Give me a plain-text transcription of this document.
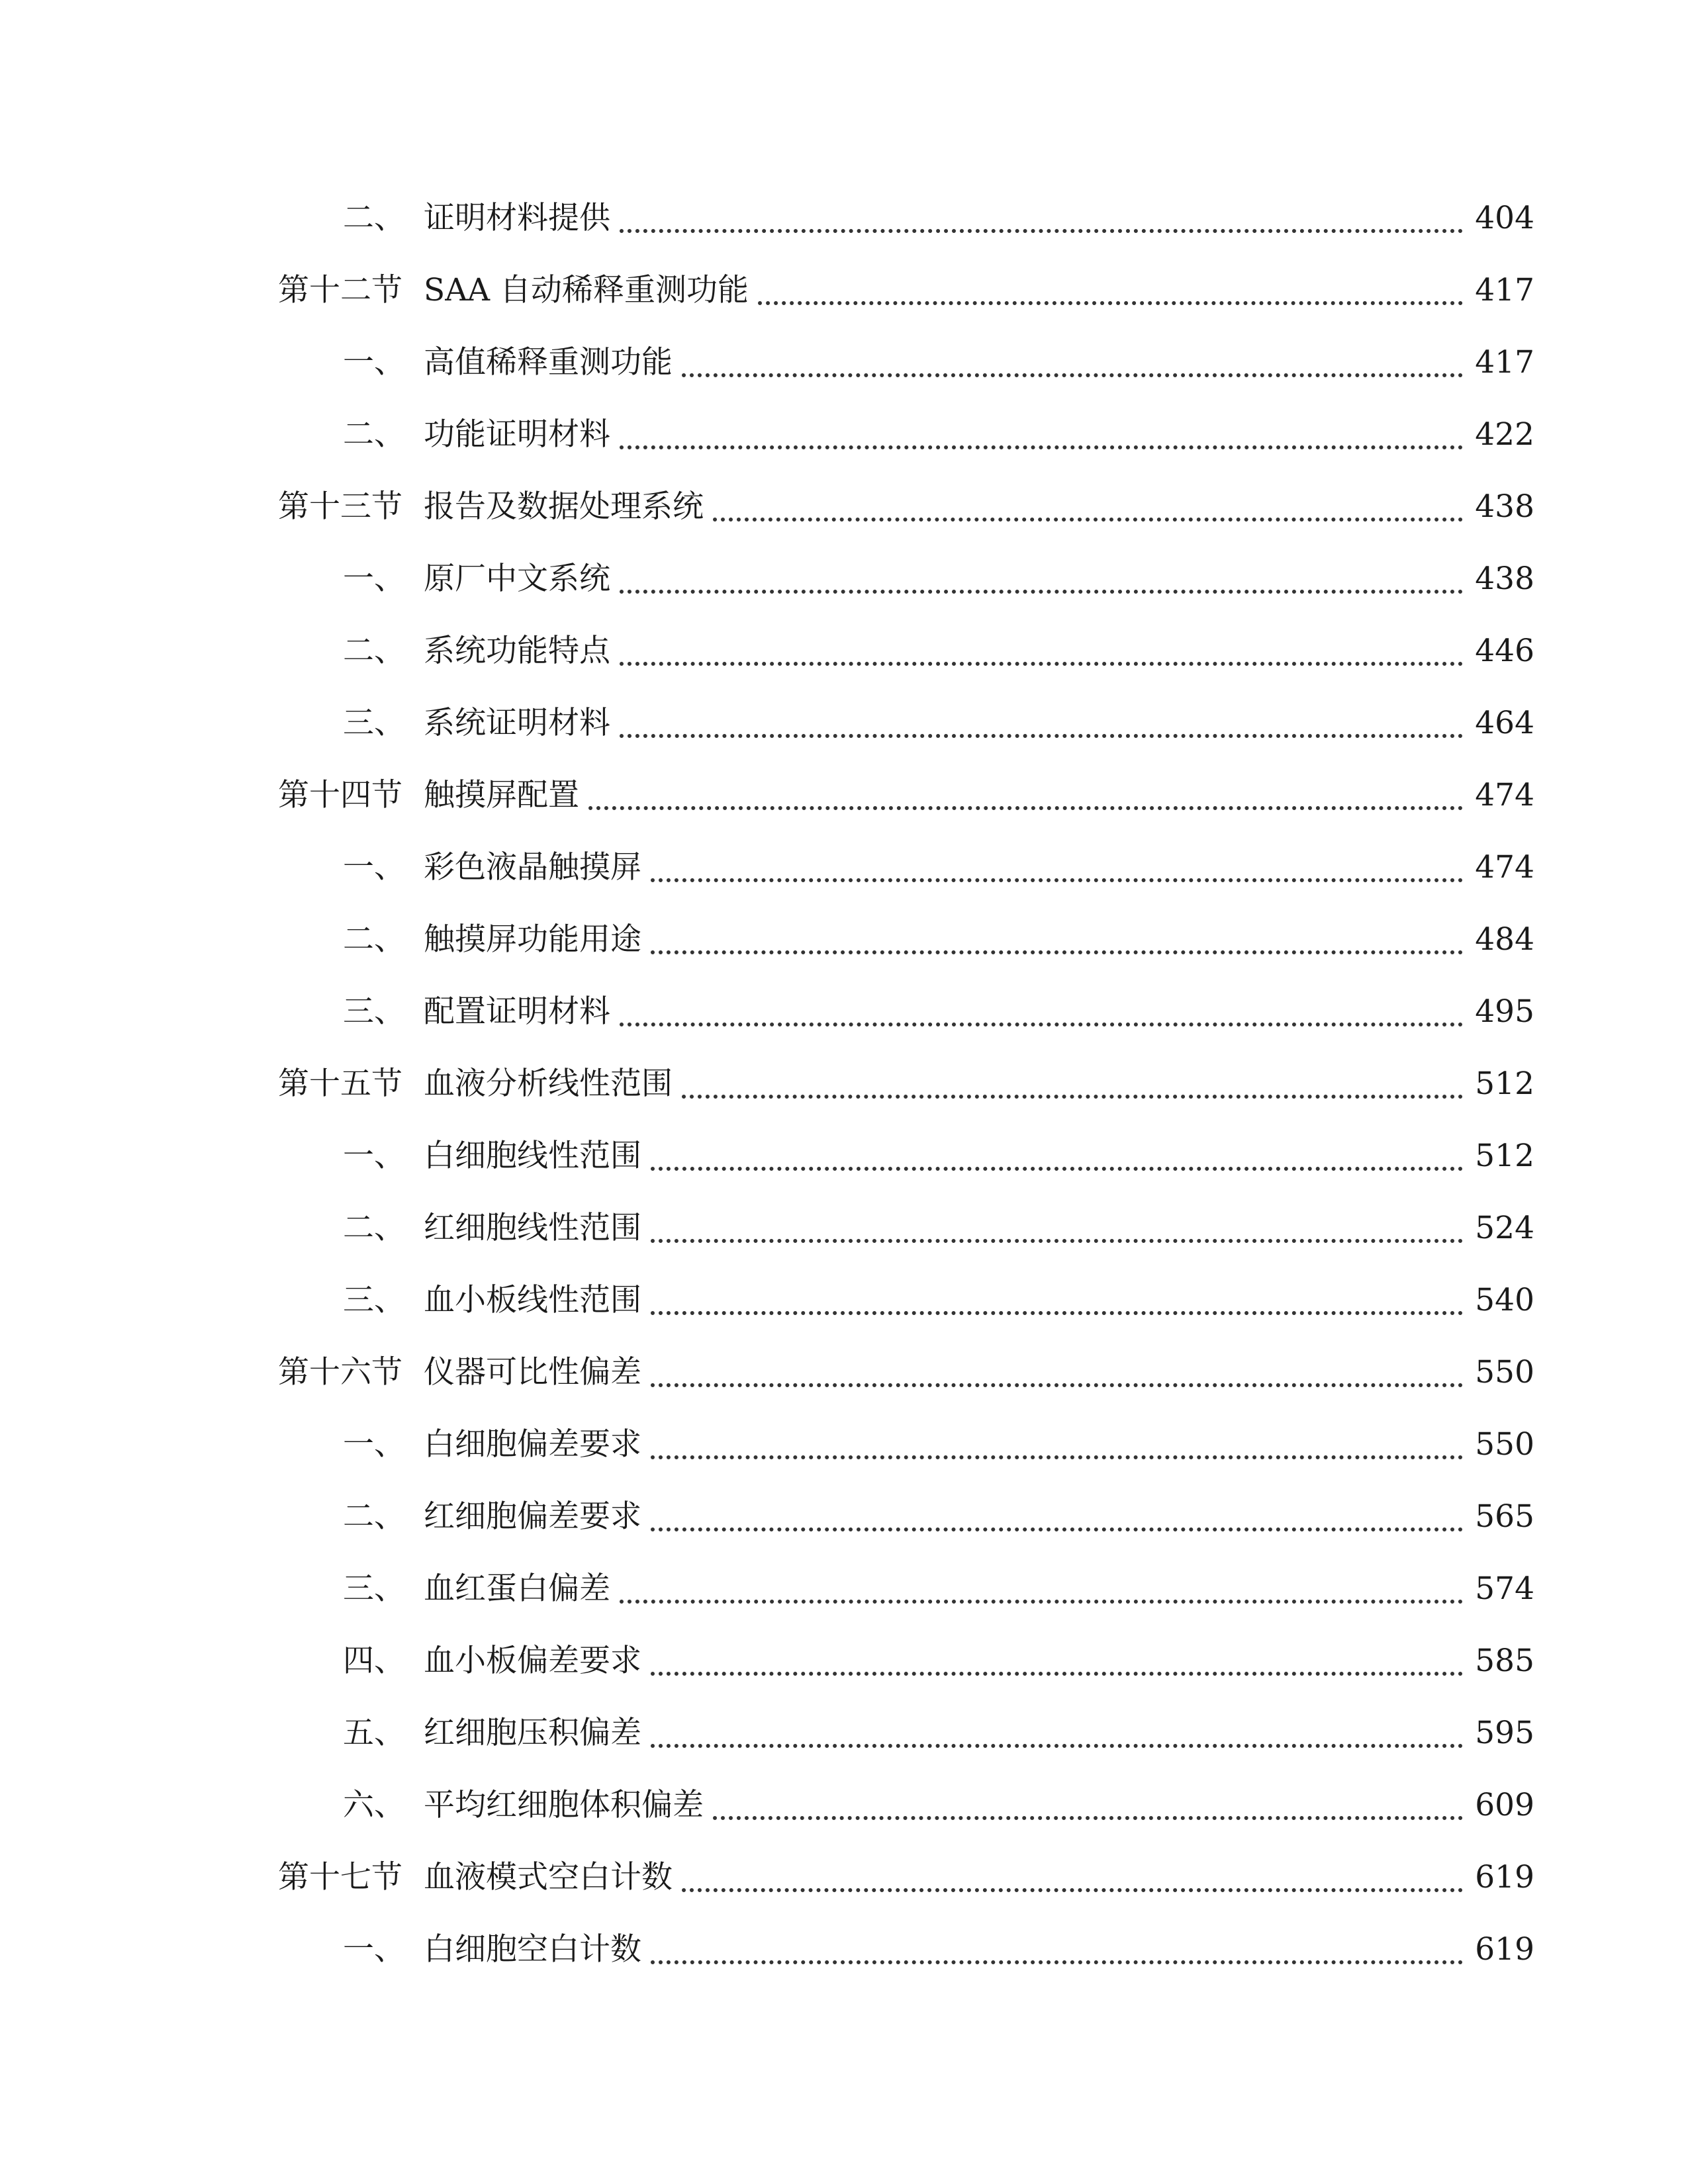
二、 证明材料提供	404
第十二节 SAA 自动稀释重测功能	417
一、 高值稀释重测功能	417
二、 功能证明材料	422
第十三节 报告及数据处理系统	438
一、 原厂中文系统	438
二、 系统功能特点	446
三、 系统证明材料	464
第十四节 触摸屏配置	474
一、 彩色液晶触摸屏	474
二、 触摸屏功能用途	484
三、 配置证明材料	495
第十五节 血液分析线性范围	512
一、 白细胞线性范围	512
二、 红细胞线性范围	524
三、 血小板线性范围	540
第十六节 仪器可比性偏差	550
一、 白细胞偏差要求	550
二、 红细胞偏差要求	565
三、 血红蛋白偏差	574
四、 血小板偏差要求	585
五、 红细胞压积偏差	595
六、 平均红细胞体积偏差	609
第十七节 血液模式空白计数	619
一、 白细胞空白计数	619
